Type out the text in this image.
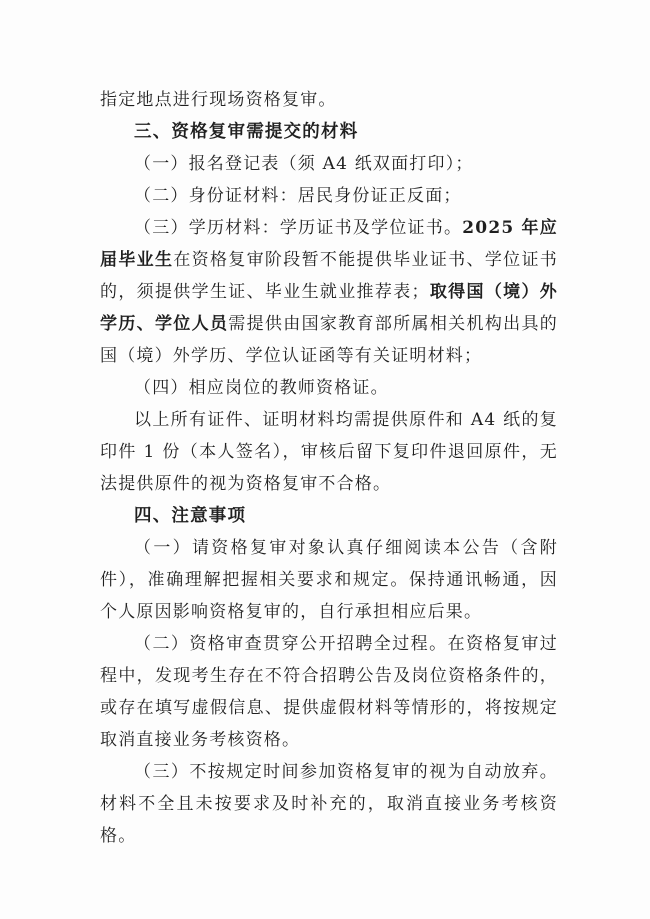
指定地点进行现场资格复审。

三、资格复审需提交的材料

（一）报名登记表（须 A4 纸双面打印）；

（二）身份证材料：居民身份证正反面；

（三）学历材料：学历证书及学位证书。2025 年应届毕业生在资格复审阶段暂不能提供毕业证书、学位证书的，须提供学生证、毕业生就业推荐表；取得国（境）外学历、学位人员需提供由国家教育部所属相关机构出具的国（境）外学历、学位认证函等有关证明材料；

（四）相应岗位的教师资格证。

以上所有证件、证明材料均需提供原件和 A4 纸的复印件 1 份（本人签名），审核后留下复印件退回原件，无法提供原件的视为资格复审不合格。

四、注意事项

（一）请资格复审对象认真仔细阅读本公告（含附件），准确理解把握相关要求和规定。保持通讯畅通，因个人原因影响资格复审的，自行承担相应后果。

（二）资格审查贯穿公开招聘全过程。在资格复审过程中，发现考生存在不符合招聘公告及岗位资格条件的，或存在填写虚假信息、提供虚假材料等情形的，将按规定取消直接业务考核资格。

（三）不按规定时间参加资格复审的视为自动放弃。材料不全且未按要求及时补充的，取消直接业务考核资格。
